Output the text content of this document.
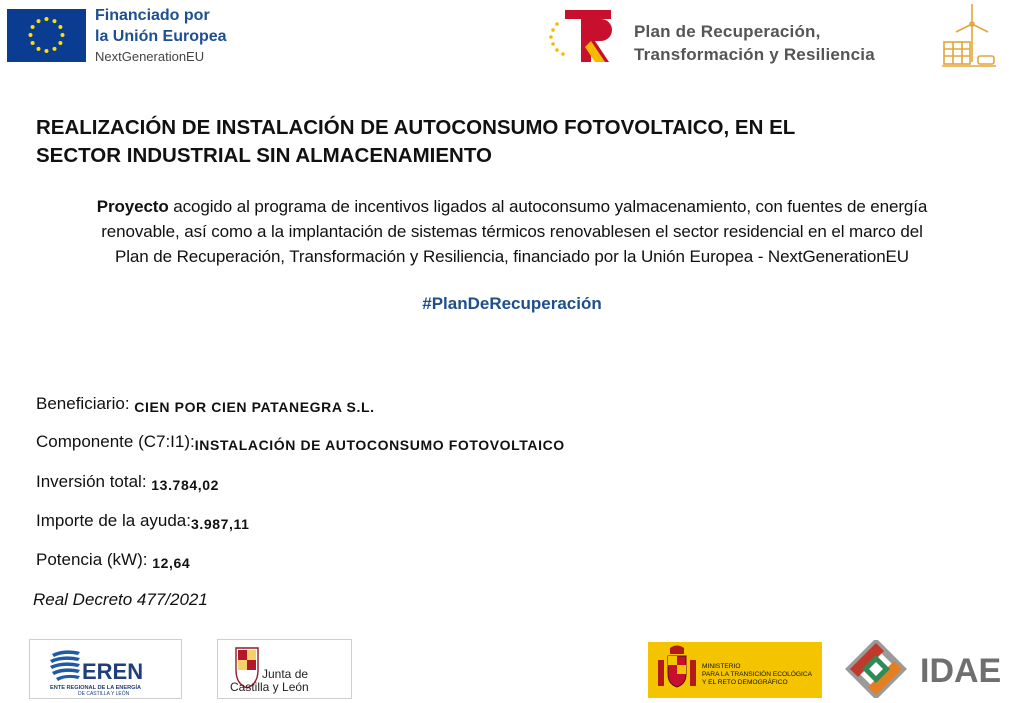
Financiado por
la Unión Europea
NextGenerationEU
Plan de Recuperación,
Transformación y Resiliencia
REALIZACIÓN DE INSTALACIÓN DE AUTOCONSUMO FOTOVOLTAICO, EN EL
SECTOR INDUSTRIAL SIN ALMACENAMIENTO
Proyecto acogido al programa de incentivos ligados al autoconsumo yalmacenamiento, con fuentes de energía
renovable, así como a la implantación de sistemas térmicos renovablesen el sector residencial en el marco del
Plan de Recuperación, Transformación y Resiliencia, financiado por la Unión Europea - NextGenerationEU
#PlanDeRecuperación
Beneficiario: CIEN POR CIEN PATANEGRA S.L.
Componente (C7:I1):INSTALACIÓN DE AUTOCONSUMO FOTOVOLTAICO
Inversión total: 13.784,02
Importe de la ayuda:3.987,11
Potencia (kW): 12,64
Real Decreto 477/2021
EREN
ENTE REGIONAL DE LA ENERGÍA
DE CASTILLA Y LEÓN
Junta de
Castilla y León
MINISTERIO
PARA LA TRANSICIÓN ECOLÓGICA
Y EL RETO DEMOGRÁFICO	IDAE
